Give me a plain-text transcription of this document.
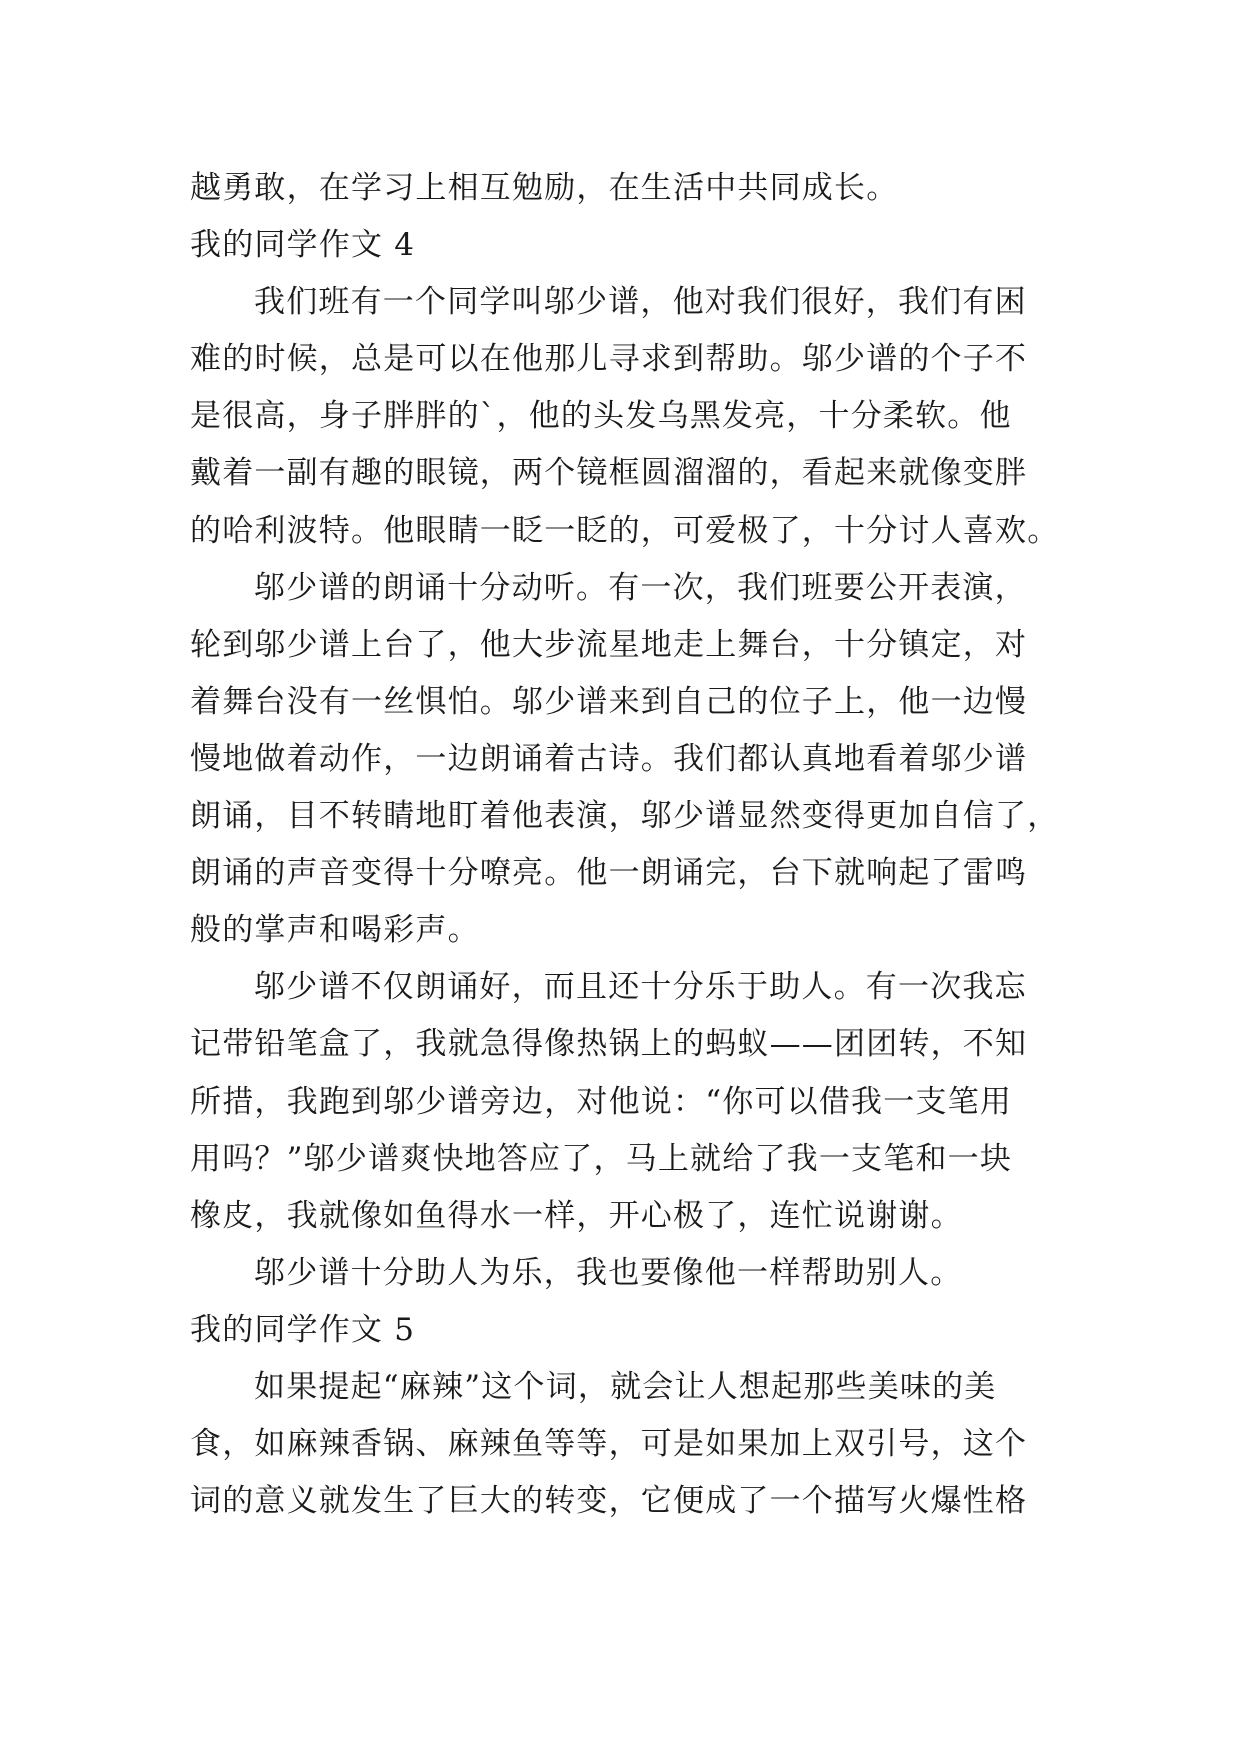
越勇敢，在学习上相互勉励，在生活中共同成长。
我的同学作文 4
我们班有一个同学叫邬少谱，他对我们很好，我们有困
难的时候，总是可以在他那儿寻求到帮助。邬少谱的个子不
是很高，身子胖胖的`，他的头发乌黑发亮，十分柔软。他
戴着一副有趣的眼镜，两个镜框圆溜溜的，看起来就像变胖
的哈利波特。他眼睛一眨一眨的，可爱极了，十分讨人喜欢。
邬少谱的朗诵十分动听。有一次，我们班要公开表演，
轮到邬少谱上台了，他大步流星地走上舞台，十分镇定，对
着舞台没有一丝惧怕。邬少谱来到自己的位子上，他一边慢
慢地做着动作，一边朗诵着古诗。我们都认真地看着邬少谱
朗诵，目不转睛地盯着他表演，邬少谱显然变得更加自信了，
朗诵的声音变得十分嘹亮。他一朗诵完，台下就响起了雷鸣
般的掌声和喝彩声。
邬少谱不仅朗诵好，而且还十分乐于助人。有一次我忘
记带铅笔盒了，我就急得像热锅上的蚂蚁——团团转，不知
所措，我跑到邬少谱旁边，对他说：“你可以借我一支笔用
用吗？”邬少谱爽快地答应了，马上就给了我一支笔和一块
橡皮，我就像如鱼得水一样，开心极了，连忙说谢谢。
邬少谱十分助人为乐，我也要像他一样帮助别人。
我的同学作文 5
如果提起“麻辣”这个词，就会让人想起那些美味的美
食，如麻辣香锅、麻辣鱼等等，可是如果加上双引号，这个
词的意义就发生了巨大的转变，它便成了一个描写火爆性格
